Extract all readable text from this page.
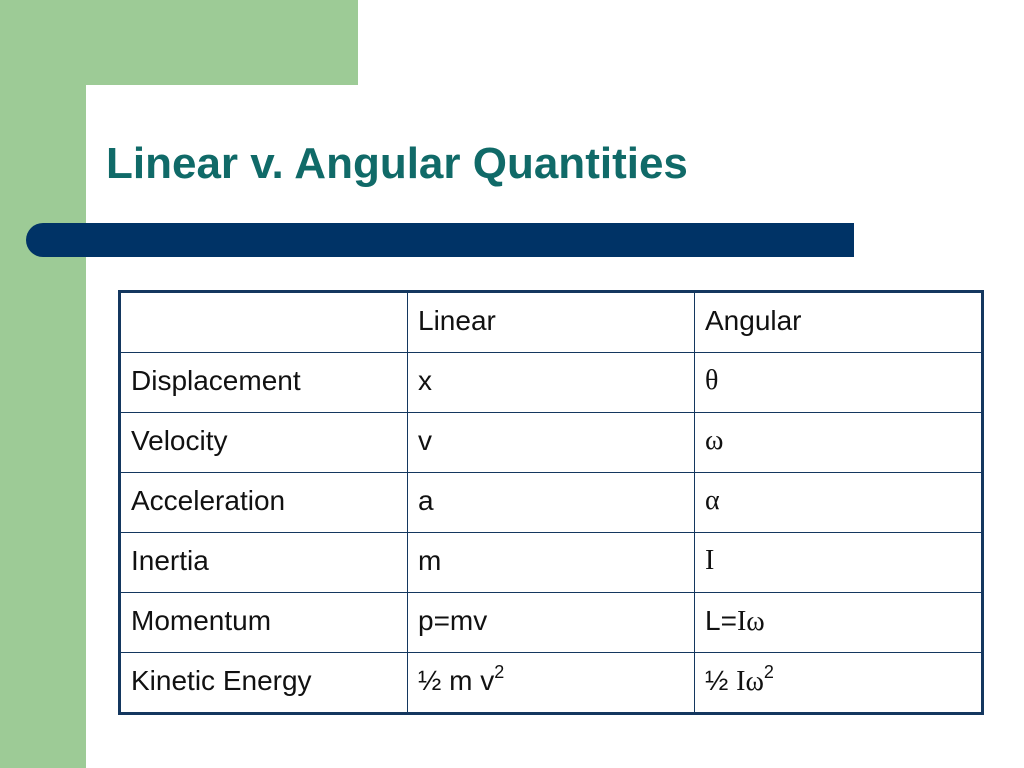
Linear v. Angular Quantities
	Linear	Angular
Displacement	x	θ
Velocity	v	ω
Acceleration	a	α
Inertia	m	I
Momentum	p=mv	L=Iω
Kinetic Energy	½ m $v^2$	½ $I\omega^2$
